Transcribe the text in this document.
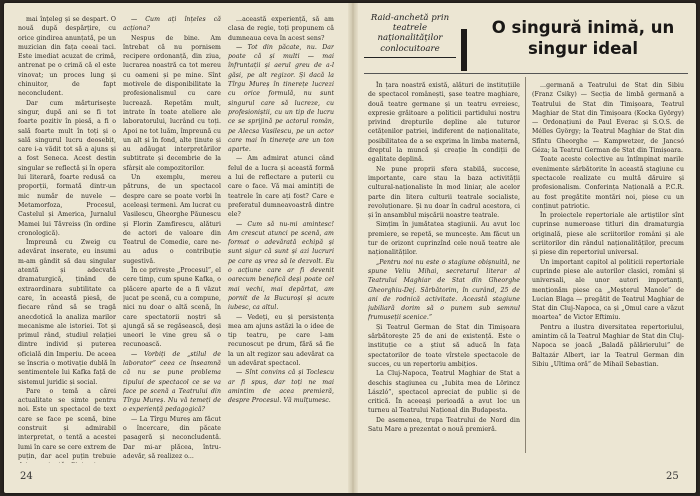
mai înțeleg și se despart. O nouă după despărțire, cu orice gindirea anunțată, pe un muzician din fața ceeai taci. Este imediat acuzat de crimă, antrenat pe o crimă că el este vinovat; un proces lung și chinuitor, de fapt neconcludent.

Dar cum mărturisește singur, după ani se fi tot foarte pozitiv în piesă, a fi o sală foarte mult în toți și o sală singurul lucru deosebit, care i-a vădit tot să a ajuns și a fost Seneca. Acest destin singular se reflectă și în opera lui literară, foarte redusă ca proporții, formată dintr-un mic număr de nuvele — Metamorfoza, Procesul, Castelul și America, Jurnalul Mamei lui Tăvreiss (în ordine cronologică).

Împreună cu Zweig cu adevărat inserate, eu insumi m-am gândit să dau singular atentă și adecvată dramaturgică, ținând de extraordinara subtilitate ca care, în această piesă, de fiecare rând să se tragă anecdotică la analiza marilor mecanisme ale istoriei. Tot și primul rând, studiul relației dintre individ și puterea oficială din Imperiu. De aceea se înscria o motivație dublă în sentimentele lui Kafka față de sistemul juridic și social.

Pare o temă a cărei actualitate se simte pentru noi. Este un spectacol de text care se face pe scenă, bine construit și admirabil interpretat, o tentă a acestei lumi în care se cere extrem de puțin, dar acel puțin trebuie

— Cum ați înțeles că acționa?

Nespus de bine. Am întrebat că nu pornisem recipere ordonanță, din ziua, lucrarea noastră ca tot mereu cu oameni și pe mine. Sînt motivele de disponibilitate la profesionalismul cu care lucrează. Repetăm mult, intrate în toate ateliere ale laboratorului, lucrând cu toți. Apoi ne tot luăm, împreună cu un alt și în fond, alte ținute și au adăugat interpretărilor subtitrate și decembrie de la sfârșit ale compozitorilor.

Un exemplu, mereu pătruns, de un spectacol despre care se poate vorbi în aceleași termeni. Am lucrat cu Vasilescu, Gheorghe Păunescu și Florin Zamfirescu, alături de actori de valoare din Teatrul de Comedie, care ne-au adus o contribuție sugestivă.

În ce privește „Procesul”, el cere timp, cum spune Kafka, o plăcere aparte de a fi văzut jucat pe scenă, cu a compune, nici nu doar o altă scenă, în care spectatorii noștri să ajungă să se regăsească, deși uneori le vine greu să o recunoască.

— Vorbiți de „stilul de laborator” ceea ce înseamnă că nu se pune problema tipului de spectacol ce se va face pe scenă a Teatrului din Tîrgu Mureș. Nu vă temeți de o experiență pedagogică?

— La Tîrgu Mureș am făcut o încercare, din păcate pasageră și neconcludentă. Dar mi-ar plăcea, întru-adevăr, să realizez o...

...această experiență, să am clasa de regie, toți propunem că dumneaua ceva în acest sens?

— Tot din păcate, nu. Dar poate că și multi — mai înfruntații și aerul greu de a-l găsi, pe alt regizor. Și dacă la Tîrgu Mureș în tinerețe lucrezi cu orice formulă, nu sunt singurul care să lucreze, cu profesioniștii, cu un tip de lucru ce se sprijină pe actorul român, pe Alecsa Vasilescu, pe un actor care mai în tinerețe are un ton aparte.

— Am admirat atunci când felul de a lucra și această formă a lui de reflectare a puterii cu care o face. Vă mai amintiți de teatrele în care ați fost? Care e preferatul dumneavoastră dintre ele?

— Cum să nu-mi amintesc! Am crescut atunci pe scenă, am format o adevărată echipă și sunt sigur că sunt și azi lucruri pe care aș vrea să le dezvolt. Eu o acțiune care ar fi devenit oarecum benefică deși poate cel mai vechi, mai depărtat, am pornit de la Bucuroși și acum iubesc, ca altul.

— Vedeți, eu și persistența mea am ajuns astăzi la o idee de tip teatru, pe care l-am recunoscut pe drum, fără să fie la un alt regizor sau adevărat ca un adevărat spectacol.

— Sînt convins că și Toclescu ar fi spus, dar toți ne mai amintim de acea premieră, despre Procesul. Vă mulțumesc.

24
Raid-anchetă prin teatrele naționalităților conlocuitoare
O singură inimă, un singur ideal

În țara noastră există, alături de instituțiile de spectacol românești, șase teatre maghiare, două teatre germane și un teatru evreiesc, expresie grăitoare a politicii partidului nostru privind drepturile depline ale tuturor cetățenilor patriei, indiferent de naționalitate, posibilitatea de a se exprima în limba maternă, dreptul la muncă și creație în condiții de egalitate deplină.

Ne pune proprii sfera stabilă, succese, importante, care stau la baza activității cultural-naționaliste în mod liniar, ale acelor parte din litera culturii teatrale socialiste, revoluționare. Și nu doar în cadrul acestora, ci și în ansamblul mișcării noastre teatrale.

Simțim în jumătatea stagiunii. Au avut loc premiere, se repetă, se muncește. Am făcut un tur de orizont cuprinzînd cele nouă teatre ale naționalităților.

„Pentru noi nu este o stagiune obișnuită, ne spune Veliu Mihai, secretarul literar al Teatrului Maghiar de Stat din Gheorghe Gheorghiu-Dej. Sărbătorim, în curând, 25 de ani de rodnică activitate. Această stagiune jubiliară dorim să o punem sub semnul frumuseții scenice.”

Și Teatrul German de Stat din Timișoara sărbătorește 25 de ani de existență. Este o instituție ce a știut să aducă în fața spectatorilor de toate vîrstele spectacole de succes, cu un repertoriu ambițios.

La Cluj-Napoca, Teatrul Maghiar de Stat a deschis stagiunea cu „Iubita mea de Lörincz László”, spectacol apreciat de public și de critică. În aceeași perioadă a avut loc un turneu al Teatrului Național din Budapesta.

De asemenea, trupa Teatrului de Nord din Satu Mare a prezentat o nouă premieră.

...germană a Teatrului de Stat din Sibiu (Franz Csiky) — Secția de limbă germană a Teatrului de Stat din Timișoara, Teatrul Maghiar de Stat din Timișoara (Kocka György) — Ordonațiuni de Paul Everac și S.O.S. de Mélles György; la Teatrul Maghiar de Stat din Sfîntu Gheorghe — Kampwetzer, de Jancsó Géza; la Teatrul German de Stat din Timișoara.

Toate aceste colective au întîmpinat marile evenimente sărbătorite în această stagiune cu spectacole realizate cu multă dăruire și profesionalism. Conferința Națională a P.C.R. au fost pregătite montări noi, piese cu un conținut patriotic.

În proiectele repertoriale ale artiștilor sînt cuprinse numeroase titluri din dramaturgia originală, piese ale scriitorilor români și ale scriitorilor din rândul naționalităților, precum și piese din repertoriul universal.

Un important capitol al politicii repertoriale cuprinde piese ale autorilor clasici, români și universali, ale unor autori importanți, menționăm piese ca „Meșterul Manole” de Lucian Blaga — pregătit de Teatrul Maghiar de Stat din Cluj-Napoca, ca și „Omul care a văzut moartea” de Victor Eftimiu.

Pentru a ilustra diversitatea repertoriului, amintim că la Teatrul Maghiar de Stat din Cluj-Napoca se joacă „Baladă pălărierului” de Baltazár Albert, iar la Teatrul German din Sibiu „Ultima oră” de Mihail Sebastian.

25
